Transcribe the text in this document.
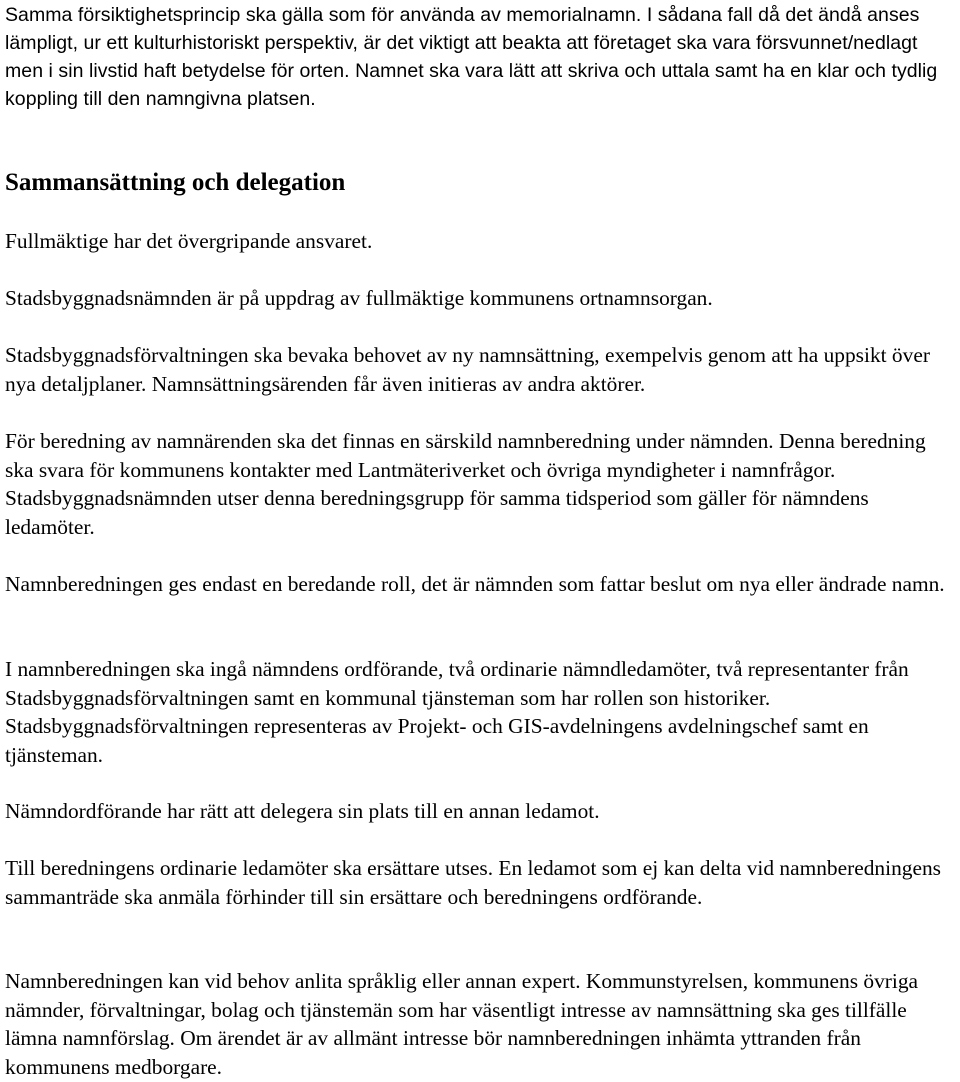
Samma försiktighetsprincip ska gälla som för använda av memorialnamn. I sådana fall då det ändå anses lämpligt, ur ett kulturhistoriskt perspektiv, är det viktigt att beakta att företaget ska vara försvunnet/nedlagt men i sin livstid haft betydelse för orten. Namnet ska vara lätt att skriva och uttala samt ha en klar och tydlig koppling till den namngivna platsen.

Sammansättning och delegation

Fullmäktige har det övergripande ansvaret.

Stadsbyggnadsnämnden är på uppdrag av fullmäktige kommunens ortnamnsorgan.

Stadsbyggnadsförvaltningen ska bevaka behovet av ny namnsättning, exempelvis genom att ha uppsikt över nya detaljplaner. Namnsättningsärenden får även initieras av andra aktörer.

För beredning av namnärenden ska det finnas en särskild namnberedning under nämnden. Denna beredning ska svara för kommunens kontakter med Lantmäteriverket och övriga myndigheter i namnfrågor. Stadsbyggnadsnämnden utser denna beredningsgrupp för samma tidsperiod som gäller för nämndens ledamöter.

Namnberedningen ges endast en beredande roll, det är nämnden som fattar beslut om nya eller ändrade namn.

I namnberedningen ska ingå nämndens ordförande, två ordinarie nämndledamöter, två representanter från Stadsbyggnadsförvaltningen samt en kommunal tjänsteman som har rollen son historiker. Stadsbyggnadsförvaltningen representeras av Projekt- och GIS-avdelningens avdelningschef samt en tjänsteman.

Nämndordförande har rätt att delegera sin plats till en annan ledamot.

Till beredningens ordinarie ledamöter ska ersättare utses. En ledamot som ej kan delta vid namnberedningens sammanträde ska anmäla förhinder till sin ersättare och beredningens ordförande.

Namnberedningen kan vid behov anlita språklig eller annan expert. Kommunstyrelsen, kommunens övriga nämnder, förvaltningar, bolag och tjänstemän som har väsentligt intresse av namnsättning ska ges tillfälle lämna namnförslag. Om ärendet är av allmänt intresse bör namnberedningen inhämta yttranden från kommunens medborgare.
